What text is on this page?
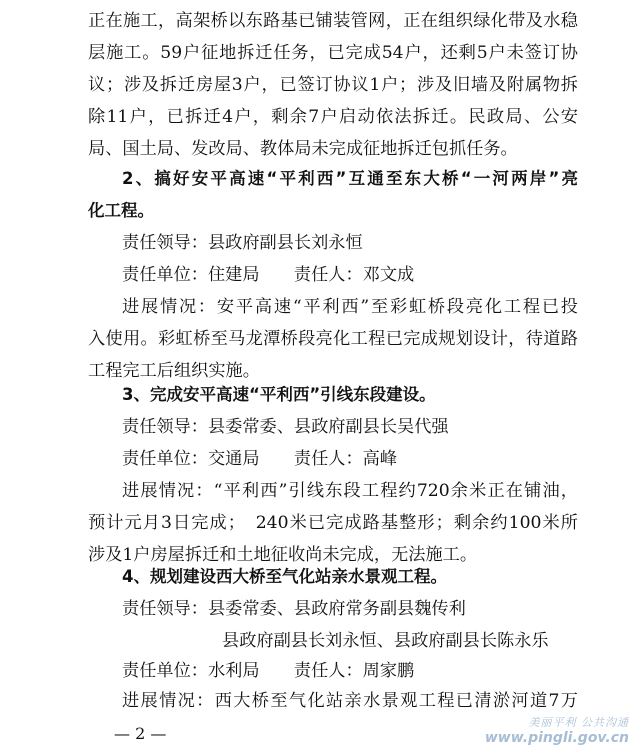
正在施工，高架桥以东路基已铺装管网，正在组织绿化带及水稳
层施工。59户征地拆迁任务，已完成54户，还剩5户未签订协
议；涉及拆迁房屋3户，已签订协议1户；涉及旧墙及附属物拆
除11户，已拆迁4户，剩余7户启动依法拆迁。民政局、公安
局、国土局、发改局、教体局未完成征地拆迁包抓任务。
2、搞好安平高速“平利西”互通至东大桥“一河两岸”亮
化工程。
责任领导：县政府副县长刘永恒
责任单位：住建局　　责任人：邓文成
进展情况：安平高速“平利西”至彩虹桥段亮化工程已投
入使用。彩虹桥至马龙潭桥段亮化工程已完成规划设计，待道路
工程完工后组织实施。
3、完成安平高速“平利西”引线东段建设。
责任领导：县委常委、县政府副县长吴代强
责任单位：交通局　　责任人：高峰
进展情况：“平利西”引线东段工程约720余米正在铺油，
预计元月3日完成；　240米已完成路基整形；剩余约100米所
涉及1户房屋拆迁和土地征收尚未完成，无法施工。
4、规划建设西大桥至气化站亲水景观工程。
责任领导：县委常委、县政府常务副县魏传利
县政府副县长刘永恒、县政府副县长陈永乐
责任单位：水利局　　责任人：周家鹏
进展情况：西大桥至气化站亲水景观工程已清淤河道7万
— 2 —
美丽平利 公共沟通
www.pingli.gov.cn
